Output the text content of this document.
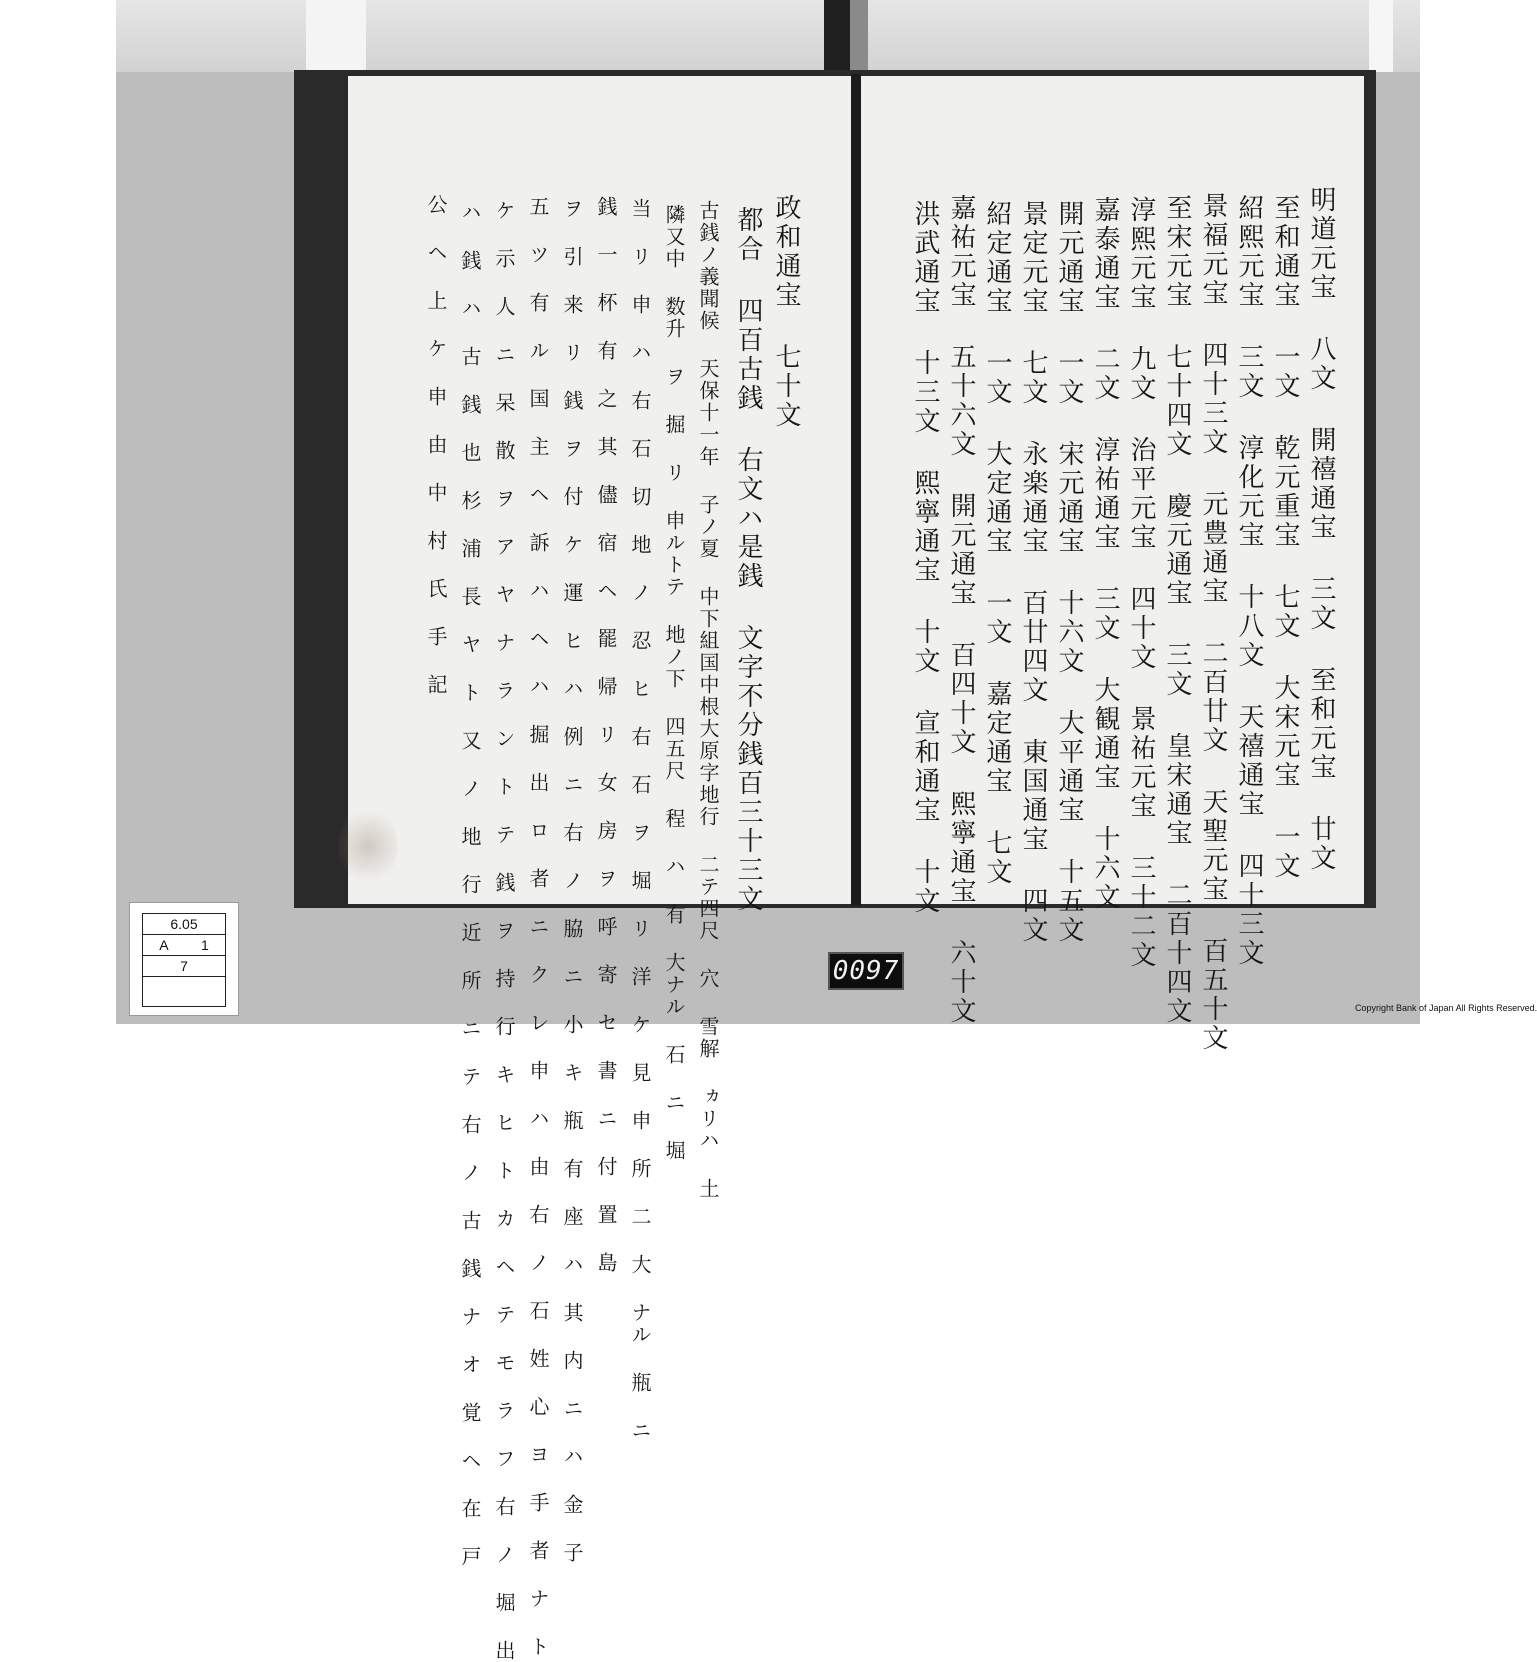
政和通宝 七十文
都合 四百古銭 右文ハ是銭 文字不分銭百三十三文
古銭ノ義聞候 天保十一年 子ノ夏 中下組国中根大原字地行 二テ四尺 穴 雪解 ヵリハ 土
隣又中 数升 ヲ 掘 リ 申ルトテ 地ノ下 四五尺 程 ハ 有 大ナル 石 ニ 堀
当 リ 申 ハ 右 石 切 地 ノ 忍 ヒ 右 石 ヲ 堀 リ 洋 ケ 見 申 所 二 大 ナル 瓶 ニ
銭 一 杯 有 之 其 儘 宿 ヘ 罷 帰 リ 女 房 ヲ 呼 寄 セ 書 ニ 付 置 島
ヲ 引 来 リ 銭 ヲ 付 ケ 運 ヒ ハ 例 ニ 右 ノ 脇 ニ 小 キ 瓶 有 座 ハ 其 内 ニ ハ 金 子
五 ツ 有 ル 国 主 ヘ 訴 ハ ヘ ハ 掘 出 ロ 者 ニ ク レ 申 ハ 由 右 ノ 石 姓 心 ヨ 手 者 ナ ト
ケ 示 人 ニ 呆 散 ヲ ア ヤ ナ ラ ン ト テ 銭 ヲ 持 行 キ ヒ ト カ ヘ テ モ ラ フ 右 ノ 堀 出
ハ 銭 ハ 古 銭 也 杉 浦 長 ヤ ト 又 ノ 地 行 近 所 ニ テ 右 ノ 古 銭 ナ オ 覚 ヘ 在 戸
公 ヘ 上 ケ 申 由 中 村 氏 手 記	明道元宝 八文 開禧通宝 三文 至和元宝 廿文
至和通宝 一文 乾元重宝 七文 大宋元宝 一文
紹熙元宝 三文 淳化元宝 十八文 天禧通宝 四十三文
景福元宝 四十三文 元豊通宝 二百廿文 天聖元宝 百五十文
至宋元宝 七十四文 慶元通宝 三文 皇宋通宝 二百十四文
淳熙元宝 九文 治平元宝 四十文 景祐元宝 三十二文
嘉泰通宝 二文 淳祐通宝 三文 大観通宝 十六文
開元通宝 一文 宋元通宝 十六文 大平通宝 十五文
景定元宝 七文 永楽通宝 百廿四文 東国通宝 四文
紹定通宝 一文 大定通宝 一文 嘉定通宝 七文
嘉祐元宝 五十六文 開元通宝 百四十文 熙寧通宝 六十文
洪武通宝 十三文 熙寧通宝 十文 宣和通宝 十文
6.05
A 1
7	0097
Copyright Bank of Japan All Rights Reserved.
